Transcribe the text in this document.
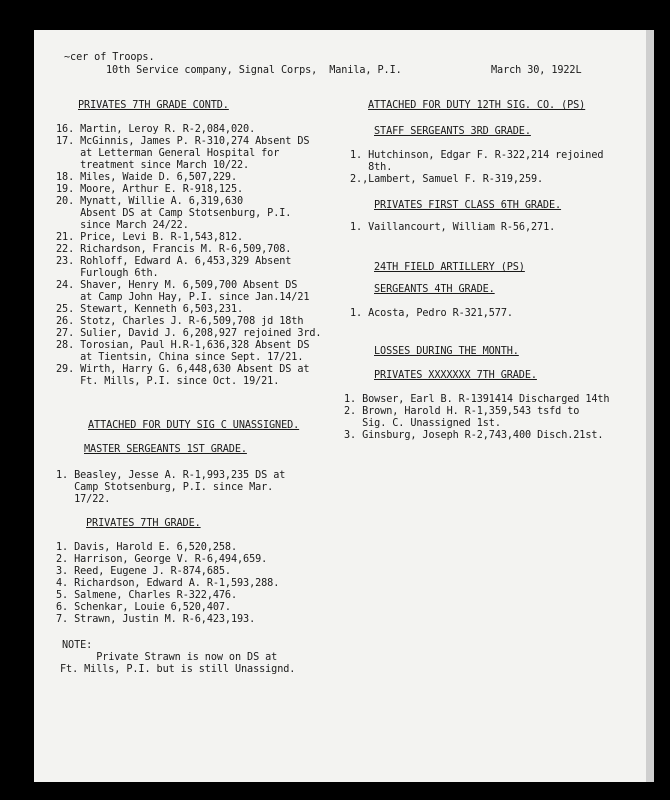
~cer of Troops.
10th Service company, Signal Corps,  Manila, P.I.	March 30, 1922L
PRIVATES 7TH GRADE CONTD.
16. Martin, Leroy R. R-2,084,020.
17. McGinnis, James P. R-310,274 Absent DS
at Letterman General Hospital for
treatment since March 10/22.
18. Miles, Waide D. 6,507,229.
19. Moore, Arthur E. R-918,125.
20. Mynatt, Willie A. 6,319,630
Absent DS at Camp Stotsenburg, P.I.
since March 24/22.
21. Price, Levi B. R-1,543,812.
22. Richardson, Francis M. R-6,509,708.
23. Rohloff, Edward A. 6,453,329 Absent
Furlough 6th.
24. Shaver, Henry M. 6,509,700 Absent DS
at Camp John Hay, P.I. since Jan.14/21
25. Stewart, Kenneth 6,503,231.
26. Stotz, Charles J. R-6,509,708 jd 18th
27. Sulier, David J. 6,208,927 rejoined 3rd.
28. Torosian, Paul H.R-1,636,328 Absent DS
at Tientsin, China since Sept. 17/21.
29. Wirth, Harry G. 6,448,630 Absent DS at
Ft. Mills, P.I. since Oct. 19/21.
ATTACHED FOR DUTY SIG C UNASSIGNED.
MASTER SERGEANTS 1ST GRADE.
1. Beasley, Jesse A. R-1,993,235 DS at
Camp Stotsenburg, P.I. since Mar.
17/22.
PRIVATES 7TH GRADE.
1. Davis, Harold E. 6,520,258.
2. Harrison, George V. R-6,494,659.
3. Reed, Eugene J. R-874,685.
4. Richardson, Edward A. R-1,593,288.
5. Salmene, Charles R-322,476.
6. Schenkar, Louie 6,520,407.
7. Strawn, Justin M. R-6,423,193.
NOTE:
Private Strawn is now on DS at
Ft. Mills, P.I. but is still Unassignd.
ATTACHED FOR DUTY 12TH SIG. CO. (PS)
STAFF SERGEANTS 3RD GRADE.
1. Hutchinson, Edgar F. R-322,214 rejoined
8th.
2.,Lambert, Samuel F. R-319,259.
PRIVATES FIRST CLASS 6TH GRADE.
1. Vaillancourt, William R-56,271.
24TH FIELD ARTILLERY (PS)
SERGEANTS 4TH GRADE.
1. Acosta, Pedro R-321,577.
LOSSES DURING THE MONTH.
PRIVATES XXXXXXX 7TH GRADE.
1. Bowser, Earl B. R-1391414 Discharged 14th
2. Brown, Harold H. R-1,359,543 tsfd to
Sig. C. Unassigned 1st.
3. Ginsburg, Joseph R-2,743,400 Disch.21st.
